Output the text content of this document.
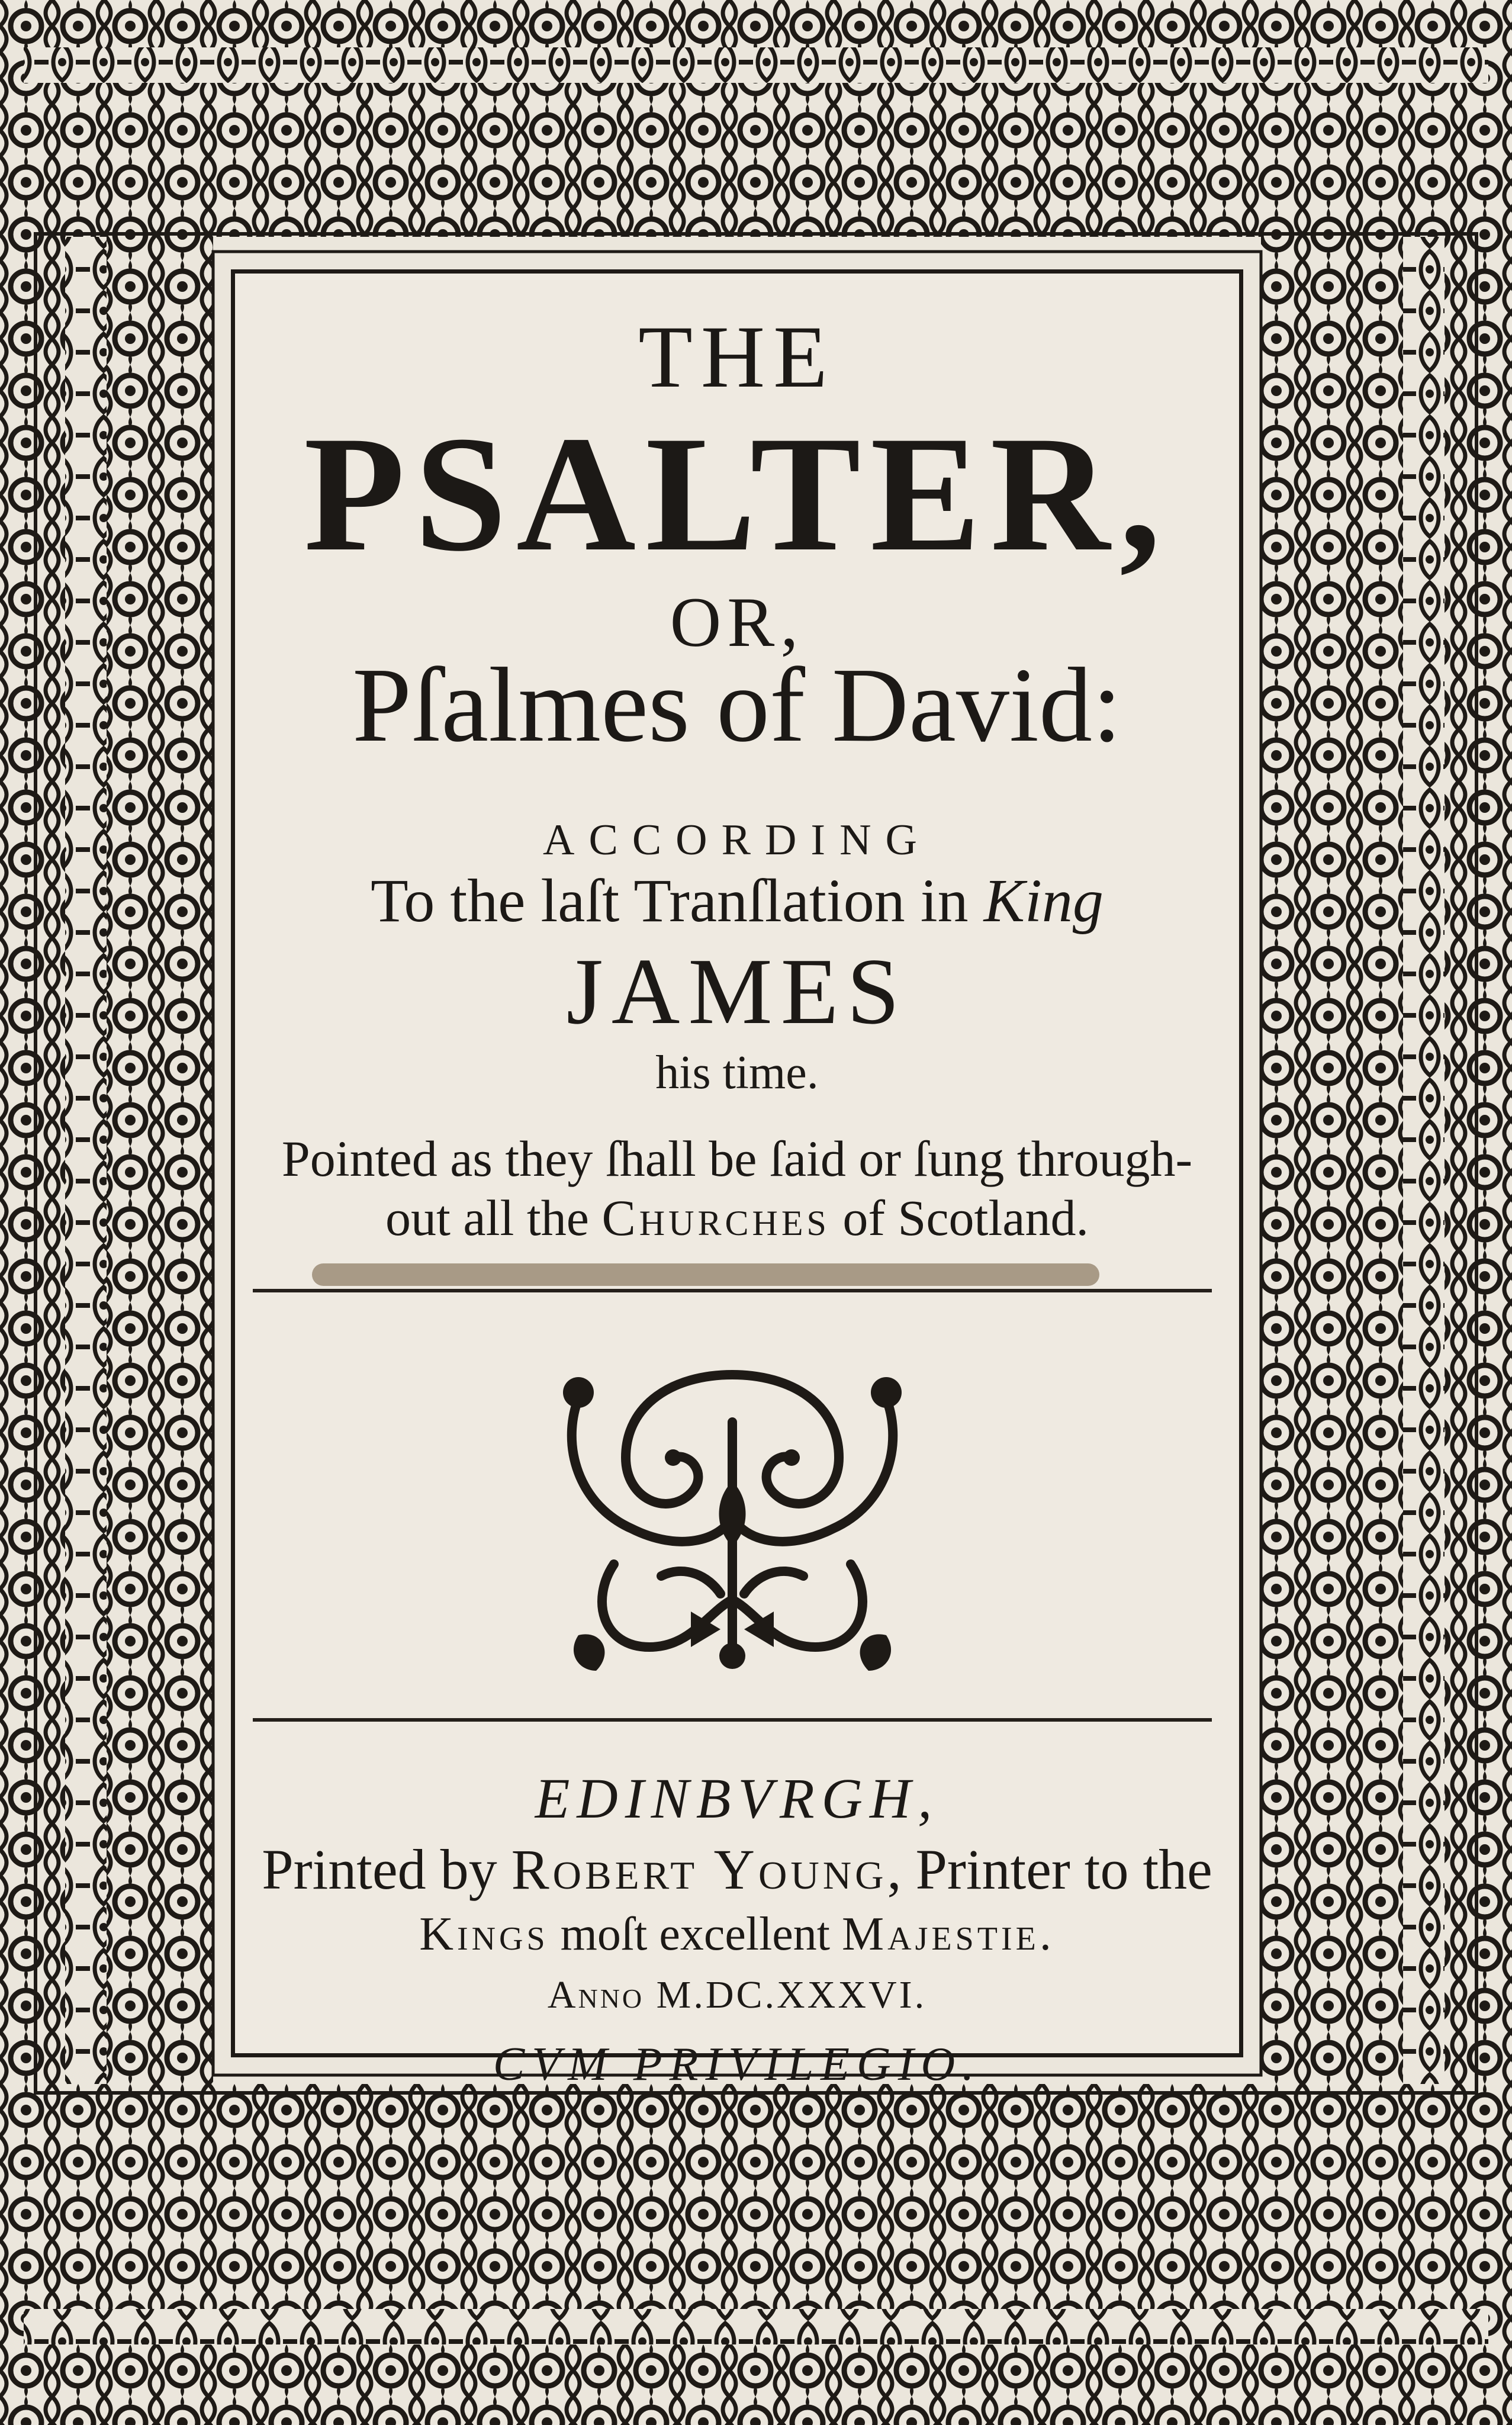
THE
PSALTER,
OR,
Pſalmes of David:
ACCORDING
To the laſt Tranſlation in King
JAMES
his time.
Pointed as they ſhall be ſaid or ſung through-
out all the Churches of Scotland.
EDINBVRGH,
Printed by Robert Young, Printer to the
Kings moſt excellent Majestie.
Anno M.DC.XXXVI.
CVM PRIVILEGIO.
